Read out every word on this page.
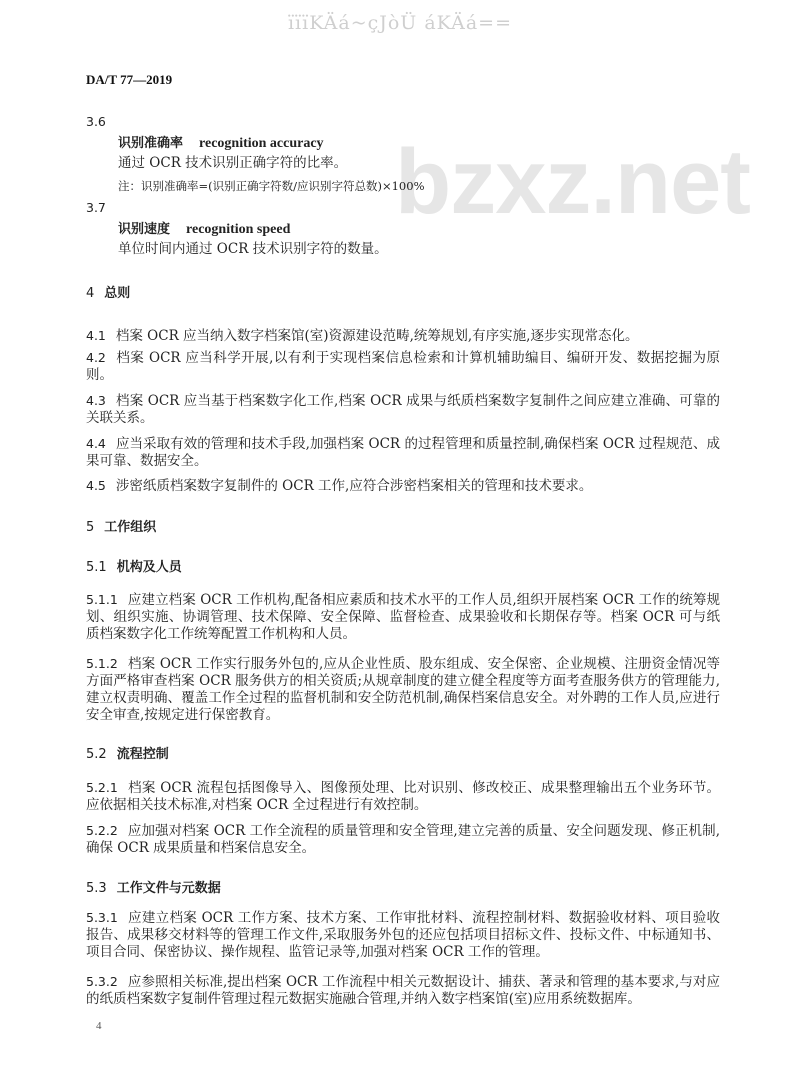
ïïïKÄá~çJòÜ áKÄá==
DA/T 77—2019
bzxz.net
3.6
识别准确率 recognition accuracy
通过 OCR 技术识别正确字符的比率。
注：识别准确率=(识别正确字符数/应识别字符总数)×100%
3.7
识别速度 recognition speed
单位时间内通过 OCR 技术识别字符的数量。
4 总则
4.1 档案 OCR 应当纳入数字档案馆(室)资源建设范畴,统筹规划,有序实施,逐步实现常态化。
4.2 档案 OCR 应当科学开展,以有利于实现档案信息检索和计算机辅助编目、编研开发、数据挖掘为原则。
4.3 档案 OCR 应当基于档案数字化工作,档案 OCR 成果与纸质档案数字复制件之间应建立准确、可靠的关联关系。
4.4 应当采取有效的管理和技术手段,加强档案 OCR 的过程管理和质量控制,确保档案 OCR 过程规范、成果可靠、数据安全。
4.5 涉密纸质档案数字复制件的 OCR 工作,应符合涉密档案相关的管理和技术要求。
5 工作组织
5.1 机构及人员
5.1.1 应建立档案 OCR 工作机构,配备相应素质和技术水平的工作人员,组织开展档案 OCR 工作的统筹规划、组织实施、协调管理、技术保障、安全保障、监督检查、成果验收和长期保存等。档案 OCR 可与纸质档案数字化工作统筹配置工作机构和人员。
5.1.2 档案 OCR 工作实行服务外包的,应从企业性质、股东组成、安全保密、企业规模、注册资金情况等方面严格审查档案 OCR 服务供方的相关资质;从规章制度的建立健全程度等方面考查服务供方的管理能力,建立权责明确、覆盖工作全过程的监督机制和安全防范机制,确保档案信息安全。对外聘的工作人员,应进行安全审查,按规定进行保密教育。
5.2 流程控制
5.2.1 档案 OCR 流程包括图像导入、图像预处理、比对识别、修改校正、成果整理输出五个业务环节。应依据相关技术标准,对档案 OCR 全过程进行有效控制。
5.2.2 应加强对档案 OCR 工作全流程的质量管理和安全管理,建立完善的质量、安全问题发现、修正机制,确保 OCR 成果质量和档案信息安全。
5.3 工作文件与元数据
5.3.1 应建立档案 OCR 工作方案、技术方案、工作审批材料、流程控制材料、数据验收材料、项目验收报告、成果移交材料等的管理工作文件,采取服务外包的还应包括项目招标文件、投标文件、中标通知书、项目合同、保密协议、操作规程、监管记录等,加强对档案 OCR 工作的管理。
5.3.2 应参照相关标准,提出档案 OCR 工作流程中相关元数据设计、捕获、著录和管理的基本要求,与对应的纸质档案数字复制件管理过程元数据实施融合管理,并纳入数字档案馆(室)应用系统数据库。
4
